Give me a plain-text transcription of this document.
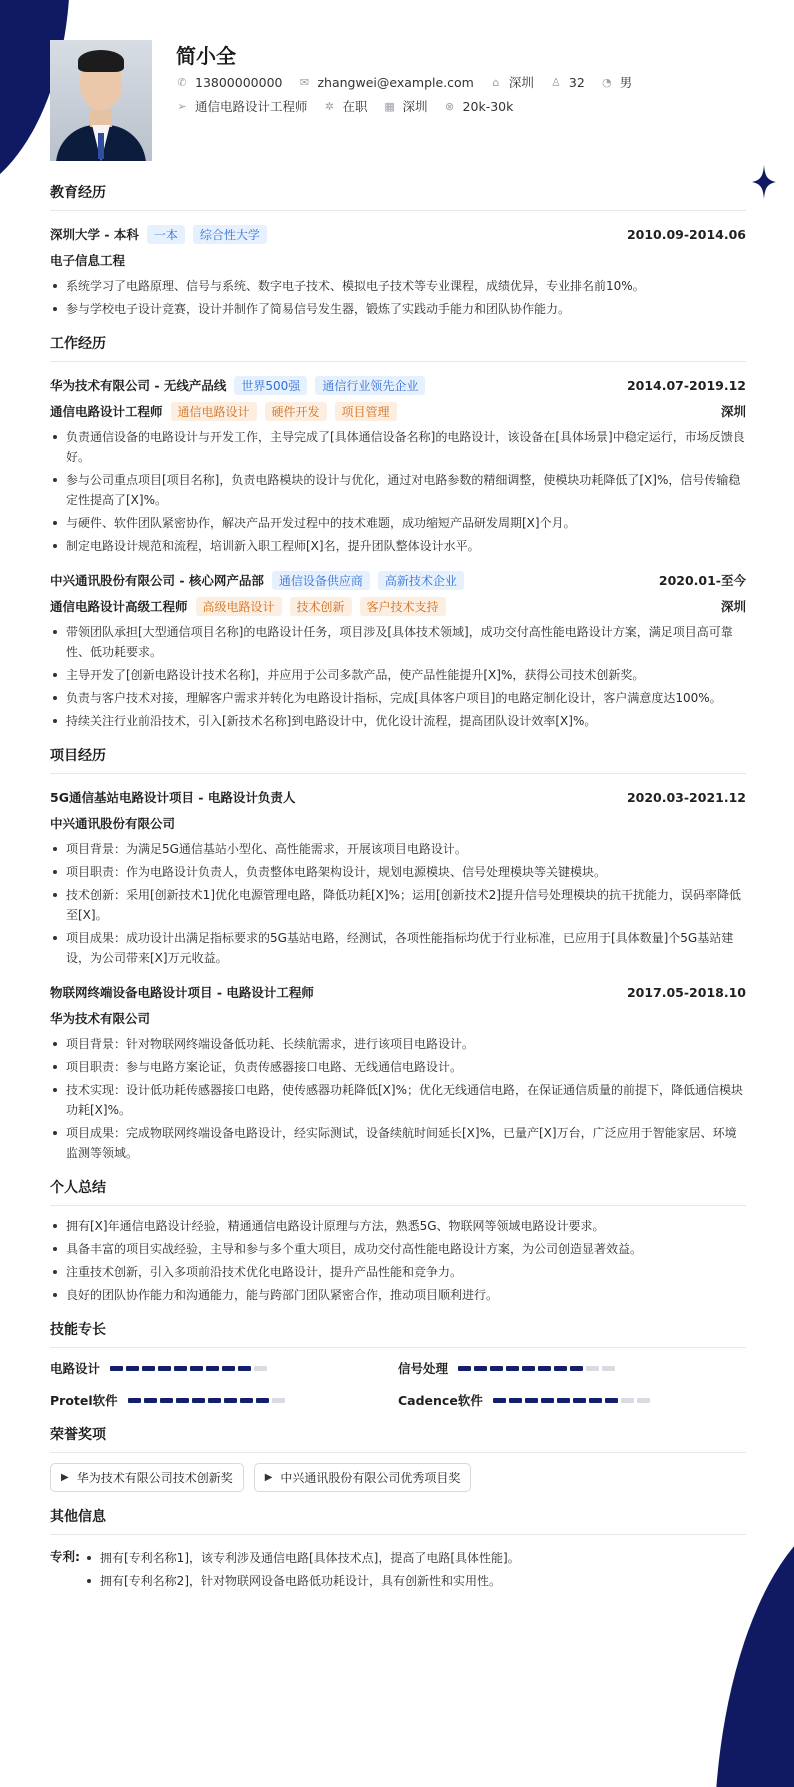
简小全
✆ 13800000000 ✉ zhangwei@example.com ⌂ 深圳 ♙ 32 ◔ 男
➢ 通信电路设计工程师 ✲ 在职 ▦ 深圳 ⊗ 20k-30k
教育经历
深圳大学 - 本科	一本	综合性大学	2010.09-2014.06
电子信息工程
系统学习了电路原理、信号与系统、数字电子技术、模拟电子技术等专业课程，成绩优异，专业排名前10%。
参与学校电子设计竞赛，设计并制作了简易信号发生器，锻炼了实践动手能力和团队协作能力。
工作经历
华为技术有限公司 - 无线产品线	世界500强	通信行业领先企业	2014.07-2019.12
通信电路设计工程师	通信电路设计	硬件开发	项目管理	深圳
负责通信设备的电路设计与开发工作，主导完成了[具体通信设备名称]的电路设计，该设备在[具体场景]中稳定运行，市场反馈良好。
参与公司重点项目[项目名称]，负责电路模块的设计与优化，通过对电路参数的精细调整，使模块功耗降低了[X]%，信号传输稳定性提高了[X]%。
与硬件、软件团队紧密协作，解决产品开发过程中的技术难题，成功缩短产品研发周期[X]个月。
制定电路设计规范和流程，培训新入职工程师[X]名，提升团队整体设计水平。
中兴通讯股份有限公司 - 核心网产品部	通信设备供应商	高新技术企业	2020.01-至今
通信电路设计高级工程师	高级电路设计	技术创新	客户技术支持	深圳
带领团队承担[大型通信项目名称]的电路设计任务，项目涉及[具体技术领域]，成功交付高性能电路设计方案，满足项目高可靠性、低功耗要求。
主导开发了[创新电路设计技术名称]，并应用于公司多款产品，使产品性能提升[X]%，获得公司技术创新奖。
负责与客户技术对接，理解客户需求并转化为电路设计指标，完成[具体客户项目]的电路定制化设计，客户满意度达100%。
持续关注行业前沿技术，引入[新技术名称]到电路设计中，优化设计流程，提高团队设计效率[X]%。
项目经历
5G通信基站电路设计项目 - 电路设计负责人	2020.03-2021.12
中兴通讯股份有限公司
项目背景：为满足5G通信基站小型化、高性能需求，开展该项目电路设计。
项目职责：作为电路设计负责人，负责整体电路架构设计，规划电源模块、信号处理模块等关键模块。
技术创新：采用[创新技术1]优化电源管理电路，降低功耗[X]%；运用[创新技术2]提升信号处理模块的抗干扰能力，误码率降低至[X]。
项目成果：成功设计出满足指标要求的5G基站电路，经测试，各项性能指标均优于行业标准，已应用于[具体数量]个5G基站建设，为公司带来[X]万元收益。
物联网终端设备电路设计项目 - 电路设计工程师	2017.05-2018.10
华为技术有限公司
项目背景：针对物联网终端设备低功耗、长续航需求，进行该项目电路设计。
项目职责：参与电路方案论证，负责传感器接口电路、无线通信电路设计。
技术实现：设计低功耗传感器接口电路，使传感器功耗降低[X]%；优化无线通信电路，在保证通信质量的前提下，降低通信模块功耗[X]%。
项目成果：完成物联网终端设备电路设计，经实际测试，设备续航时间延长[X]%，已量产[X]万台，广泛应用于智能家居、环境监测等领域。
个人总结
拥有[X]年通信电路设计经验，精通通信电路设计原理与方法，熟悉5G、物联网等领域电路设计要求。
具备丰富的项目实战经验，主导和参与多个重大项目，成功交付高性能电路设计方案，为公司创造显著效益。
注重技术创新，引入多项前沿技术优化电路设计，提升产品性能和竞争力。
良好的团队协作能力和沟通能力，能与跨部门团队紧密合作，推动项目顺利进行。
技能专长
电路设计	信号处理
Protel软件	Cadence软件
荣誉奖项
▶ 华为技术有限公司技术创新奖	▶ 中兴通讯股份有限公司优秀项目奖
其他信息
专利:	拥有[专利名称1]，该专利涉及通信电路[具体技术点]，提高了电路[具体性能]。
拥有[专利名称2]，针对物联网设备电路低功耗设计，具有创新性和实用性。
